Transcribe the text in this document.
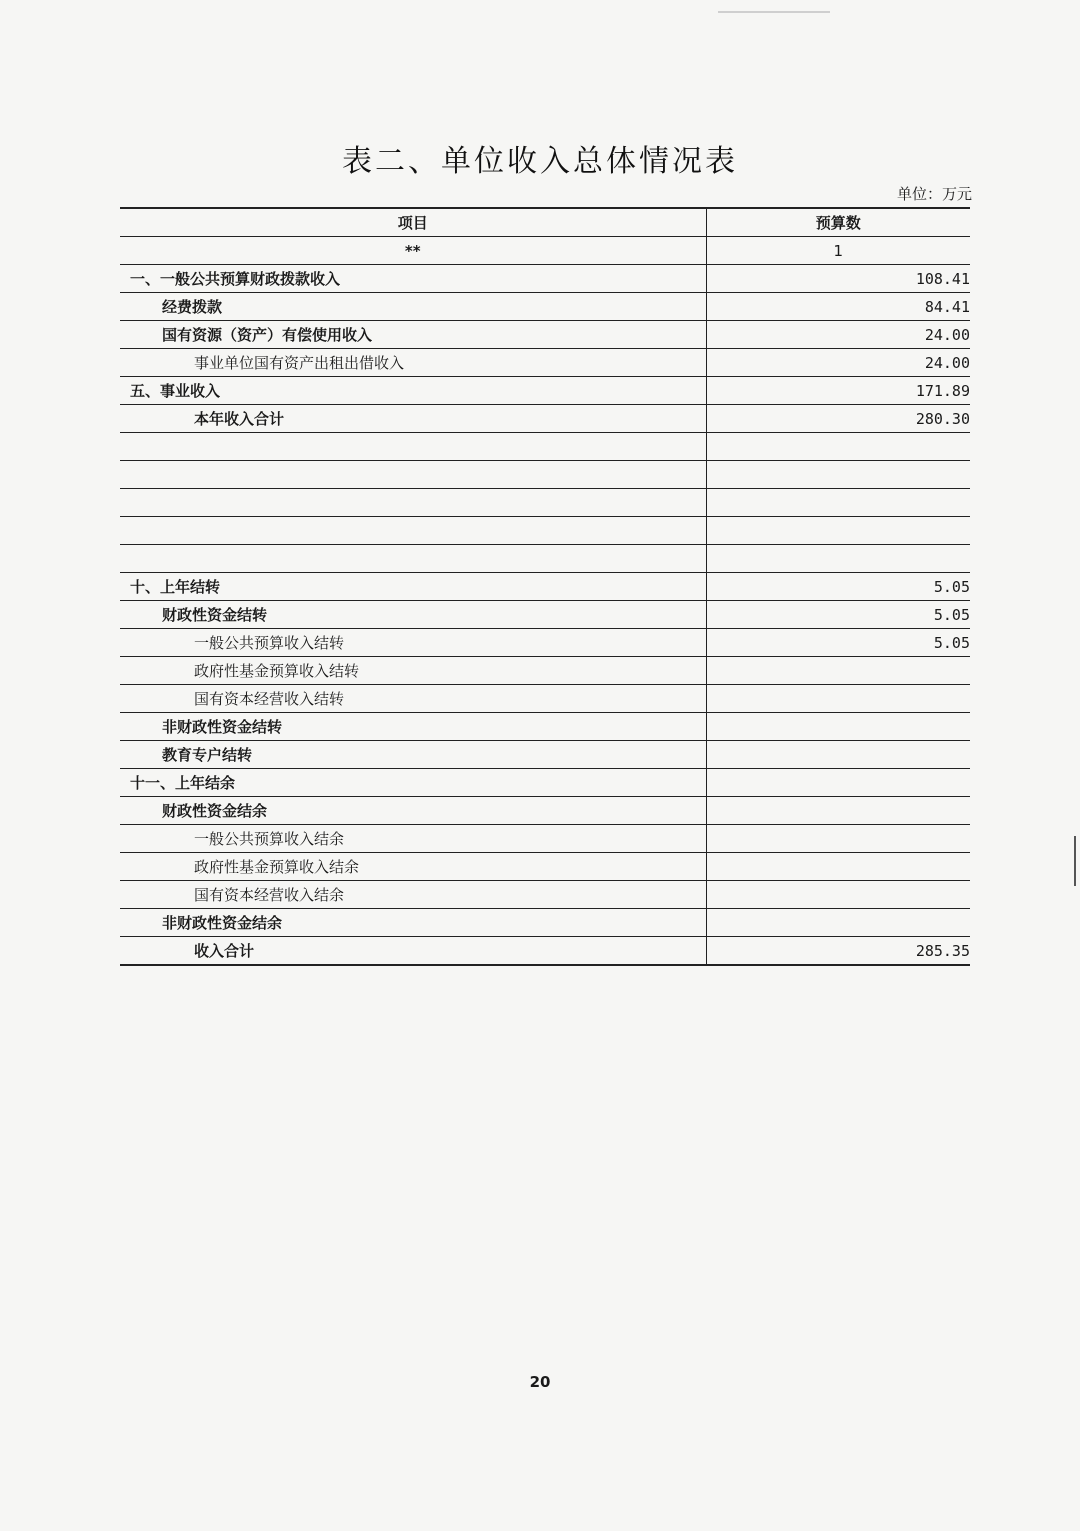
表二、单位收入总体情况表
单位：万元
项目	预算数
**	1
一、一般公共预算财政拨款收入	108.41
经费拨款	84.41
国有资源（资产）有偿使用收入	24.00
事业单位国有资产出租出借收入	24.00
五、事业收入	171.89
本年收入合计	280.30

十、上年结转	5.05
财政性资金结转	5.05
一般公共预算收入结转	5.05
政府性基金预算收入结转	
国有资本经营收入结转	
非财政性资金结转	
教育专户结转	
十一、上年结余	
财政性资金结余	
一般公共预算收入结余	
政府性基金预算收入结余	
国有资本经营收入结余	
非财政性资金结余	
收入合计	285.35
20
